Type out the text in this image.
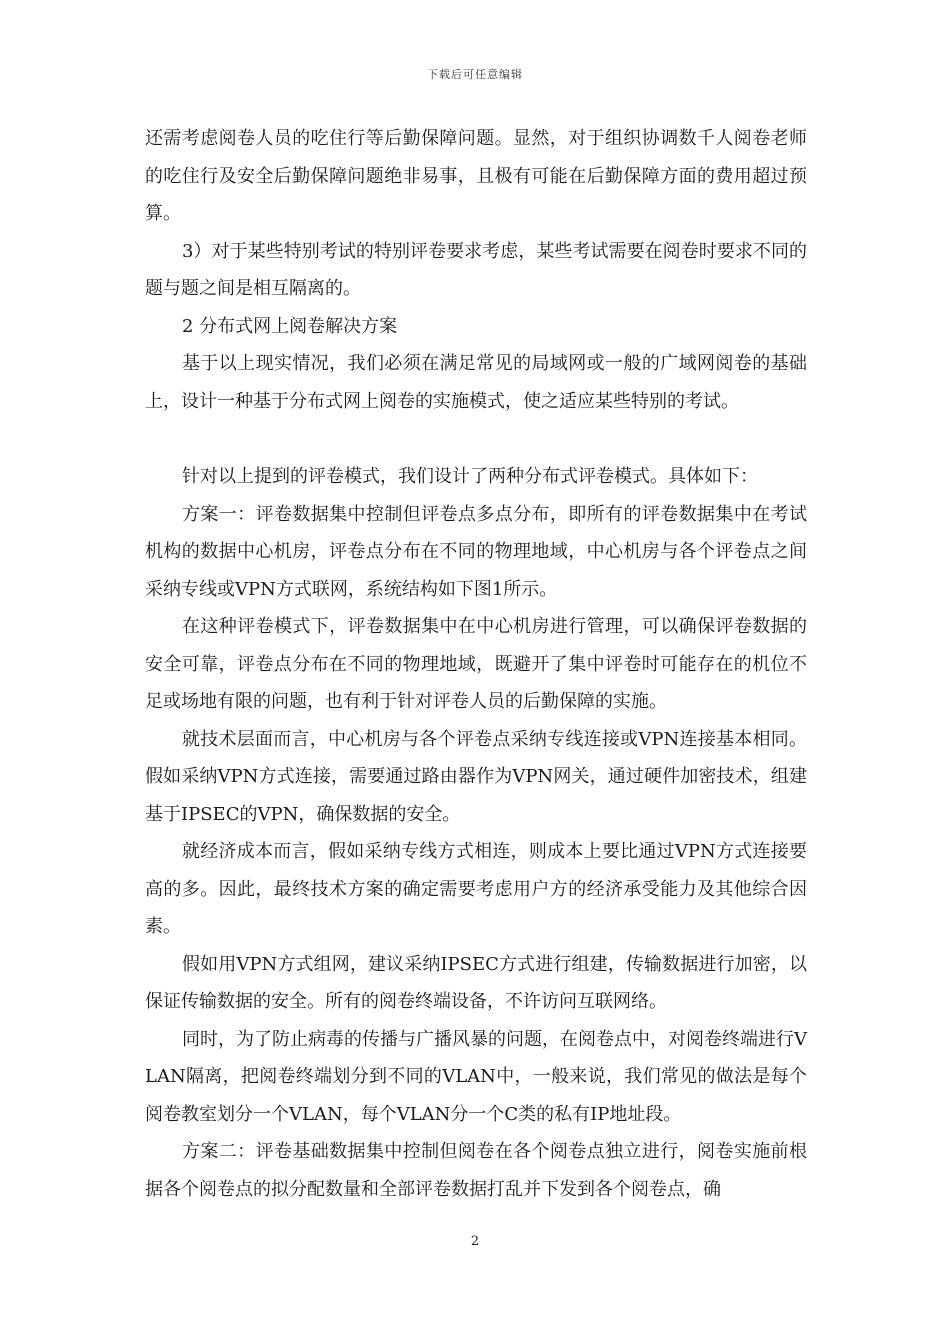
下载后可任意编辑

还需考虑阅卷人员的吃住行等后勤保障问题。显然，对于组织协调数千人阅卷老师的吃住行及安全后勤保障问题绝非易事，且极有可能在后勤保障方面的费用超过预算。

3）对于某些特别考试的特别评卷要求考虑，某些考试需要在阅卷时要求不同的题与题之间是相互隔离的。

2 分布式网上阅卷解决方案

基于以上现实情况，我们必须在满足常见的局域网或一般的广域网阅卷的基础上，设计一种基于分布式网上阅卷的实施模式，使之适应某些特别的考试。

针对以上提到的评卷模式，我们设计了两种分布式评卷模式。具体如下：

方案一：评卷数据集中控制但评卷点多点分布，即所有的评卷数据集中在考试机构的数据中心机房，评卷点分布在不同的物理地域，中心机房与各个评卷点之间采纳专线或VPN方式联网，系统结构如下图1所示。

在这种评卷模式下，评卷数据集中在中心机房进行管理，可以确保评卷数据的安全可靠，评卷点分布在不同的物理地域，既避开了集中评卷时可能存在的机位不足或场地有限的问题，也有利于针对评卷人员的后勤保障的实施。

就技术层面而言，中心机房与各个评卷点采纳专线连接或VPN连接基本相同。假如采纳VPN方式连接，需要通过路由器作为VPN网关，通过硬件加密技术，组建基于IPSEC的VPN，确保数据的安全。

就经济成本而言，假如采纳专线方式相连，则成本上要比通过VPN方式连接要高的多。因此，最终技术方案的确定需要考虑用户方的经济承受能力及其他综合因素。

假如用VPN方式组网，建议采纳IPSEC方式进行组建，传输数据进行加密，以保证传输数据的安全。所有的阅卷终端设备，不许访问互联网络。

同时，为了防止病毒的传播与广播风暴的问题，在阅卷点中，对阅卷终端进行VLAN隔离，把阅卷终端划分到不同的VLAN中，一般来说，我们常见的做法是每个阅卷教室划分一个VLAN，每个VLAN分一个C类的私有IP地址段。

方案二：评卷基础数据集中控制但阅卷在各个阅卷点独立进行，阅卷实施前根据各个阅卷点的拟分配数量和全部评卷数据打乱并下发到各个阅卷点，确

2
